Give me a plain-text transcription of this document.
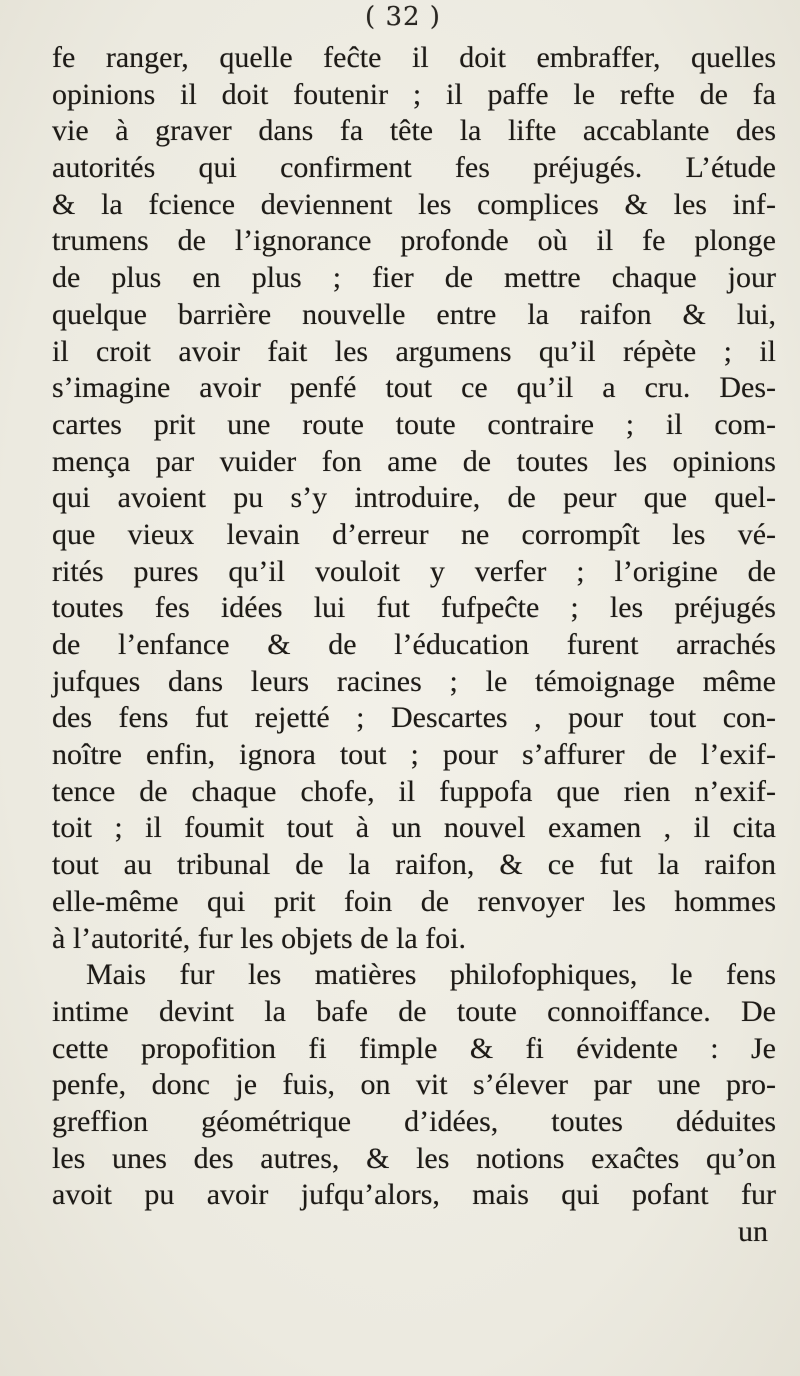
( 32 )
fe ranger, quelle feĉte il doit embraffer, quelles
opinions il doit foutenir ; il paffe le refte de fa
vie à graver dans fa tête la lifte accablante des
autorités qui confirment fes préjugés. L’étude
& la fcience deviennent les complices & les inf-
trumens de l’ignorance profonde où il fe plonge
de plus en plus ; fier de mettre chaque jour
quelque barrière nouvelle entre la raifon & lui,
il croit avoir fait les argumens qu’il répète ; il
s’imagine avoir penfé tout ce qu’il a cru. Des-
cartes prit une route toute contraire ; il com-
mença par vuider fon ame de toutes les opinions
qui avoient pu s’y introduire, de peur que quel-
que vieux levain d’erreur ne corrompît les vé-
rités pures qu’il vouloit y verfer ; l’origine de
toutes fes idées lui fut fufpeĉte ; les préjugés
de l’enfance & de l’éducation furent arrachés
jufques dans leurs racines ; le témoignage même
des fens fut rejetté ; Descartes , pour tout con-
noître enfin, ignora tout ; pour s’affurer de l’exif-
tence de chaque chofe, il fuppofa que rien n’exif-
toit ; il foumit tout à un nouvel examen , il cita
tout au tribunal de la raifon, & ce fut la raifon
elle-même qui prit foin de renvoyer les hommes
à l’autorité, fur les objets de la foi.
Mais fur les matières philofophiques, le fens
intime devint la bafe de toute connoiffance. De
cette propofition fi fimple & fi évidente : Je
penfe, donc je fuis, on vit s’élever par une pro-
greffion géométrique d’idées, toutes déduites
les unes des autres, & les notions exaĉtes qu’on
avoit pu avoir jufqu’alors, mais qui pofant fur
un
